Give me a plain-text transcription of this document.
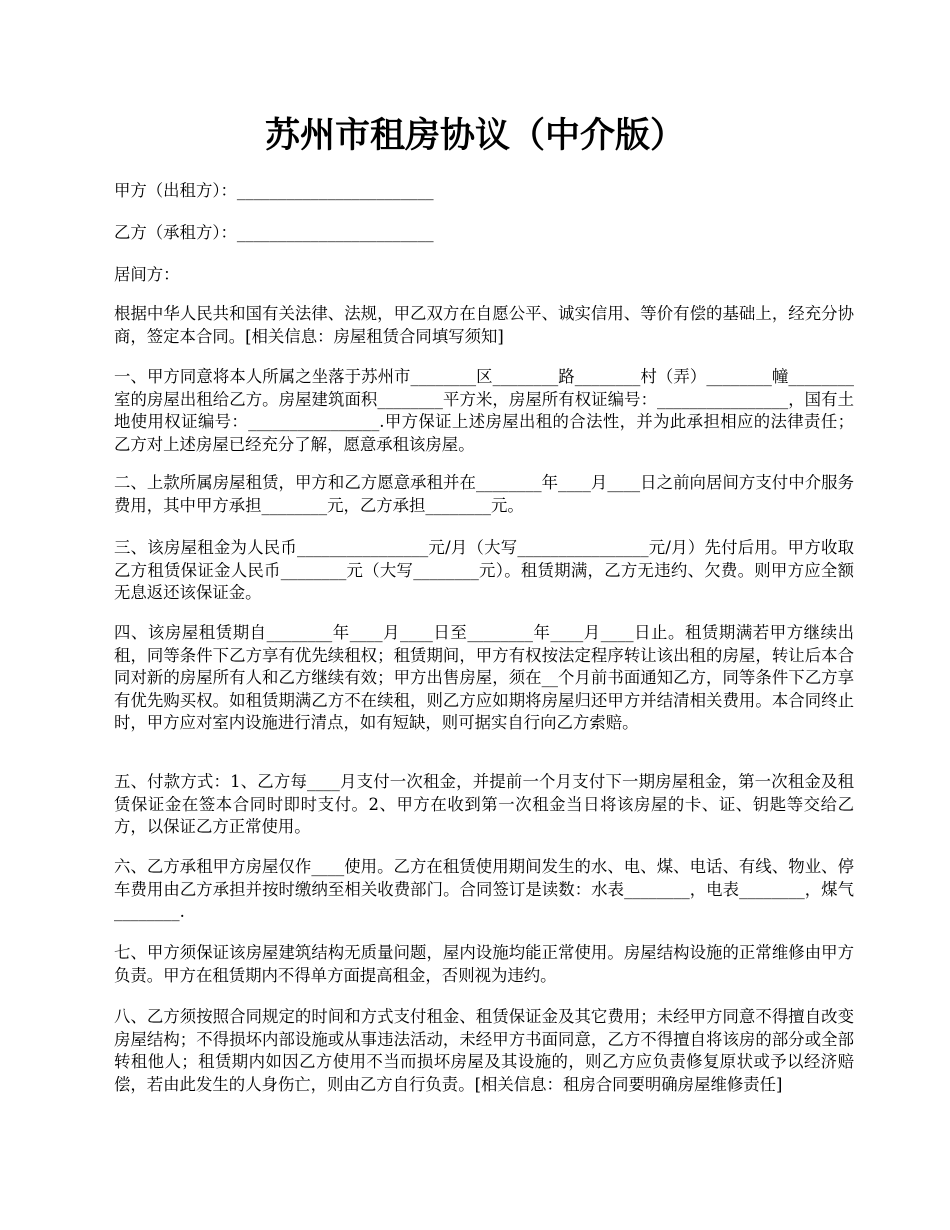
苏州市租房协议（中介版）

甲方（出租方）：________________________

乙方（承租方）：________________________

居间方：

根据中华人民共和国有关法律、法规，甲乙双方在自愿公平、诚实信用、等价有偿的基础上，经充分协商，签定本合同。[相关信息：房屋租赁合同填写须知]

一、甲方同意将本人所属之坐落于苏州市________区________路________村（弄）________幢________室的房屋出租给乙方。房屋建筑面积________平方米，房屋所有权证编号：________________，国有土地使用权证编号：________________.甲方保证上述房屋出租的合法性，并为此承担相应的法律责任；乙方对上述房屋已经充分了解，愿意承租该房屋。

二、上款所属房屋租赁，甲方和乙方愿意承租并在________年____月____日之前向居间方支付中介服务费用，其中甲方承担________元，乙方承担________元。

三、该房屋租金为人民币________________元/月（大写________________元/月）先付后用。甲方收取乙方租赁保证金人民币________元（大写________元）。租赁期满，乙方无违约、欠费。则甲方应全额无息返还该保证金。

四、该房屋租赁期自________年____月____日至________年____月____日止。租赁期满若甲方继续出租，同等条件下乙方享有优先续租权；租赁期间，甲方有权按法定程序转让该出租的房屋，转让后本合同对新的房屋所有人和乙方继续有效；甲方出售房屋，须在__个月前书面通知乙方，同等条件下乙方享有优先购买权。如租赁期满乙方不在续租，则乙方应如期将房屋归还甲方并结清相关费用。本合同终止时，甲方应对室内设施进行清点，如有短缺，则可据实自行向乙方索赔。

五、付款方式：1、乙方每____月支付一次租金，并提前一个月支付下一期房屋租金，第一次租金及租赁保证金在签本合同时即时支付。2、甲方在收到第一次租金当日将该房屋的卡、证、钥匙等交给乙方，以保证乙方正常使用。

六、乙方承租甲方房屋仅作____使用。乙方在租赁使用期间发生的水、电、煤、电话、有线、物业、停车费用由乙方承担并按时缴纳至相关收费部门。合同签订是读数：水表________，电表________，煤气________.

七、甲方须保证该房屋建筑结构无质量问题，屋内设施均能正常使用。房屋结构设施的正常维修由甲方负责。甲方在租赁期内不得单方面提高租金，否则视为违约。

八、乙方须按照合同规定的时间和方式支付租金、租赁保证金及其它费用；未经甲方同意不得擅自改变房屋结构；不得损坏内部设施或从事违法活动，未经甲方书面同意，乙方不得擅自将该房的部分或全部转租他人；租赁期内如因乙方使用不当而损坏房屋及其设施的，则乙方应负责修复原状或予以经济赔偿，若由此发生的人身伤亡，则由乙方自行负责。[相关信息：租房合同要明确房屋维修责任]
